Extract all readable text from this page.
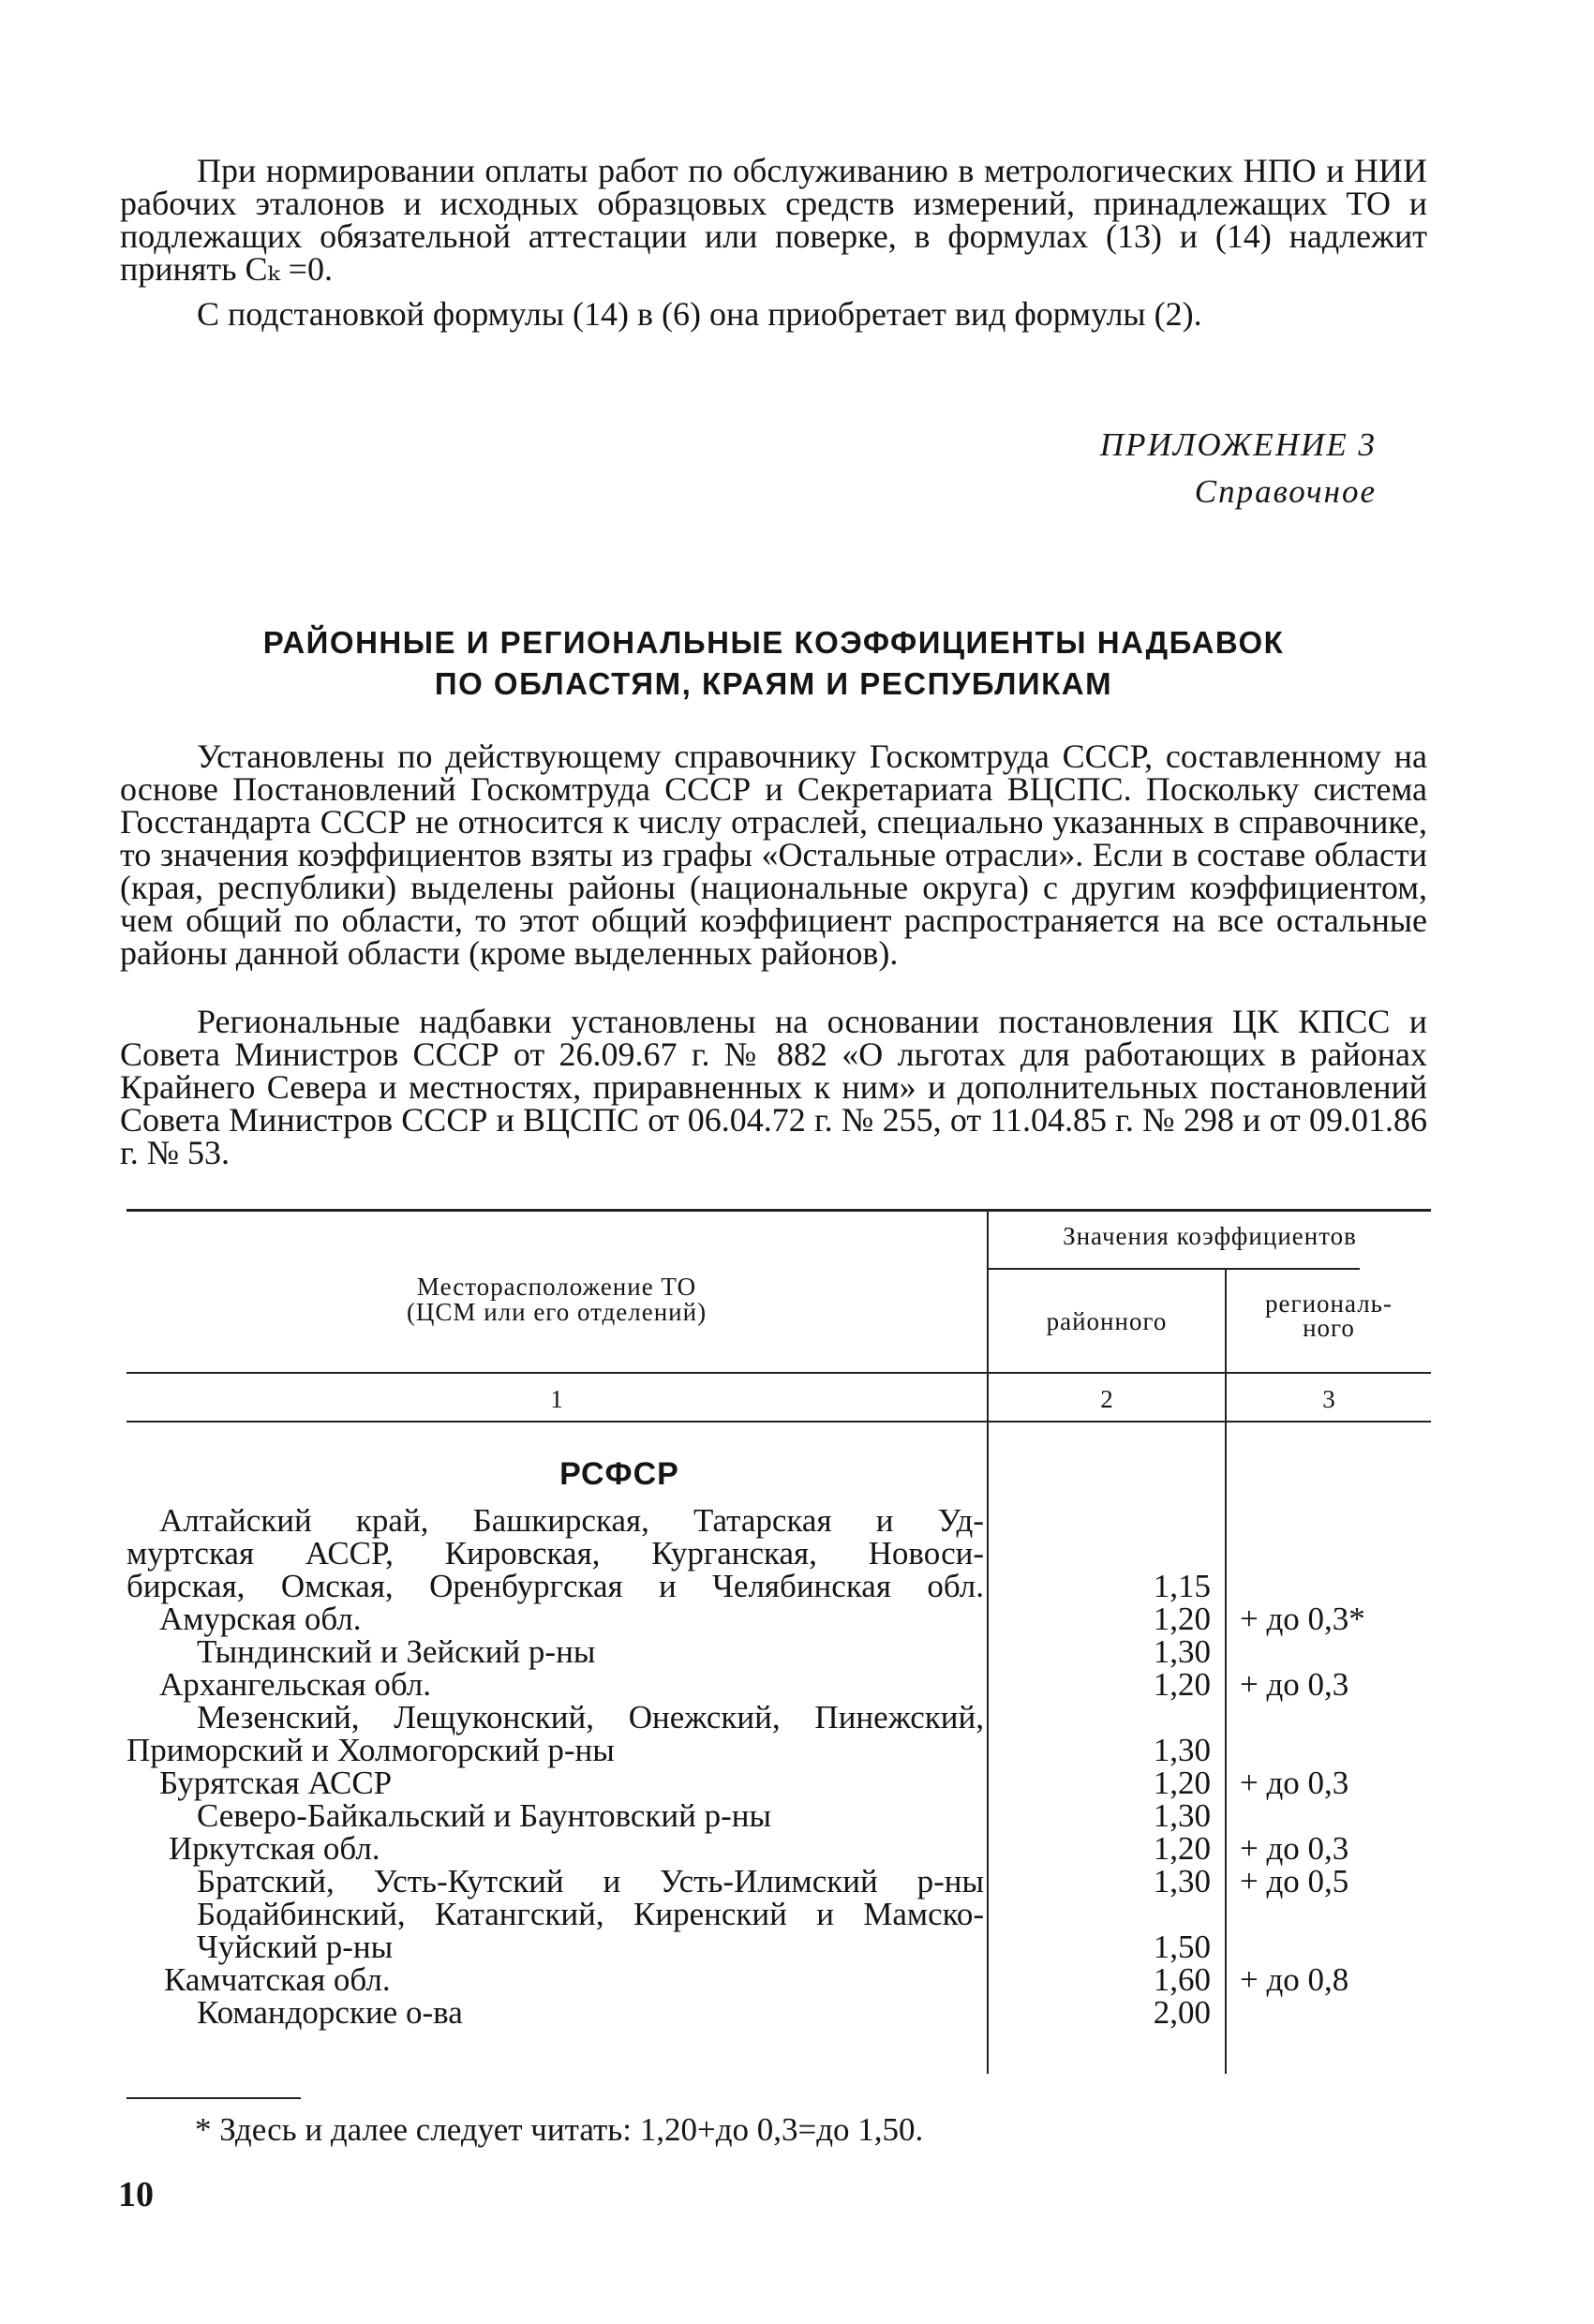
При нормировании оплаты работ по обслуживанию в метрологических НПО и НИИ рабочих эталонов и исходных образцовых средств измерений, принадлежащих ТО и подлежащих обязательной аттестации или поверке, в формулах (13) и (14) надлежит принять Cₖ =0.

С подстановкой формулы (14) в (6) она приобретает вид формулы (2).

ПРИЛОЖЕНИЕ 3
Справочное
РАЙОННЫЕ И РЕГИОНАЛЬНЫЕ КОЭФФИЦИЕНТЫ НАДБАВОК
ПО ОБЛАСТЯМ, КРАЯМ И РЕСПУБЛИКАМ

Установлены по действующему справочнику Госкомтруда СССР, составленному на основе Постановлений Госкомтруда СССР и Секретариата ВЦСПС. Поскольку система Госстандарта СССР не относится к числу отраслей, специально указанных в справочнике, то значения коэффициентов взяты из графы «Остальные отрасли». Если в составе области (края, республики) выделены районы (национальные округа) с другим коэффициентом, чем общий по области, то этот общий коэффициент распространяется на все остальные районы данной области (кроме выделенных районов).

Региональные надбавки установлены на основании постановления ЦК КПСС и Совета Министров СССР от 26.09.67 г. № 882 «О льготах для работающих в районах Крайнего Севера и местностях, приравненных к ним» и дополнительных постановлений Совета Министров СССР и ВЦСПС от 06.04.72 г. № 255, от 11.04.85 г. № 298 и от 09.01.86 г. № 53.

Месторасположение ТО
(ЦСМ или его отделений)
Значения коэффициентов
районного
региональ-
ного
1	2	3
РСФСР
Алтайский край, Башкирская, Татарская и Уд-
муртская АССР, Кировская, Курганская, Новоси-
бирская, Омская, Оренбургская и Челябинская обл.	1,15
Амурская обл.	1,20 + до 0,3*
Тындинский и Зейский р-ны	1,30
Архангельская обл.	1,20 + до 0,3
Мезенский, Лещуконский, Онежский, Пинежский,
Приморский и Холмогорский р-ны	1,30
Бурятская АССР	1,20 + до 0,3
Северо-Байкальский и Баунтовский р-ны	1,30
Иркутская обл.	1,20 + до 0,3
Братский, Усть-Кутский и Усть-Илимский р-ны	1,30 + до 0,5
Бодайбинский, Катангский, Киренский и Мамско-
Чуйский р-ны	1,50
Камчатская обл.	1,60 + до 0,8
Командорские о-ва	2,00
* Здесь и далее следует читать: 1,20+до 0,3=до 1,50.
10
